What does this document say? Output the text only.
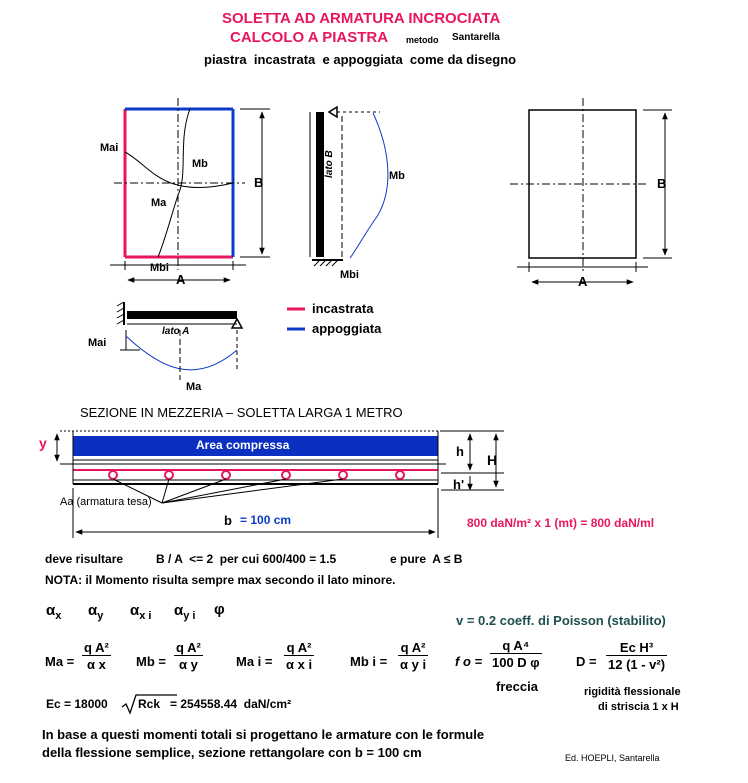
SOLETTA AD ARMATURA INCROCIATA
CALCOLO A PIASTRA metodo Santarella
piastra  incastrata  e appoggiata  come da disegno
Mai
Mb
Ma
Mbi
A
B
lato B	Mb
Mbi	A
B
lato A
Mai
Ma
incastrata
appoggiata
SEZIONE IN MEZZERIA – SOLETTA LARGA 1 METRO
Area compressa
y
h
H
h'
Aa (armatura tesa)
b = 100 cm	800 daN/m² x 1 (mt) = 800 daN/ml
deve risultare	B / A  <= 2  per cui 600/400 = 1.5	e pure  A ≤ B
NOTA: il Momento risulta sempre max secondo il lato minore.
$\alpha_x$ $\alpha_y$ $\alpha_{x i}$ $\alpha_{y i}$ φ
v = 0.2 coeff. di Poisson (stabilito)
$Ma = \frac{\text{q A²}}{\text{α x}}$ $Mb = \frac{\text{q A²}}{\text{α y}}$	Ma $i = \frac{\text{q A²}}{\text{α x i}}$	Mb $i = \frac{\text{q A²}}{\text{α y i}}$ f $o = \frac{\text{q A⁴}}{\text{100 D φ}}$
freccia
$D = \frac{\text{Ec H³}}{\text{12 (1 - v²)}}$
rigidità flessionale
di striscia 1 x H
Ec = 18000	Rck = 254558.44  daN/cm²
In base a questi momenti totali si progettano le armature con le formule
della flessione semplice, sezione rettangolare con b = 100 cm	Ed. HOEPLI, Santarella
